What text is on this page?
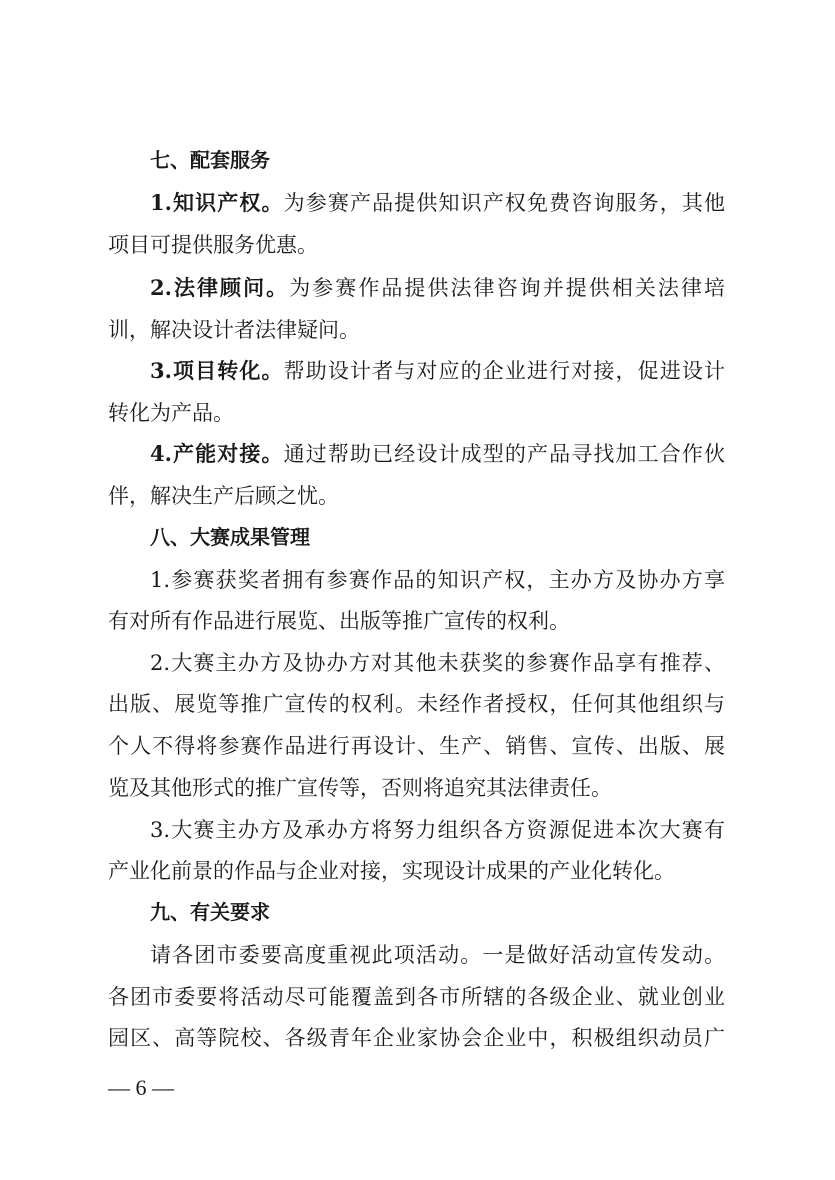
七、配套服务
1.知识产权。为参赛产品提供知识产权免费咨询服务，其他
项目可提供服务优惠。
2.法律顾问。为参赛作品提供法律咨询并提供相关法律培
训，解决设计者法律疑问。
3.项目转化。帮助设计者与对应的企业进行对接，促进设计
转化为产品。
4.产能对接。通过帮助已经设计成型的产品寻找加工合作伙
伴，解决生产后顾之忧。
八、大赛成果管理
1.参赛获奖者拥有参赛作品的知识产权，主办方及协办方享
有对所有作品进行展览、出版等推广宣传的权利。
2.大赛主办方及协办方对其他未获奖的参赛作品享有推荐、
出版、展览等推广宣传的权利。未经作者授权，任何其他组织与
个人不得将参赛作品进行再设计、生产、销售、宣传、出版、展
览及其他形式的推广宣传等，否则将追究其法律责任。
3.大赛主办方及承办方将努力组织各方资源促进本次大赛有
产业化前景的作品与企业对接，实现设计成果的产业化转化。
九、有关要求
请各团市委要高度重视此项活动。一是做好活动宣传发动。
各团市委要将活动尽可能覆盖到各市所辖的各级企业、就业创业
园区、高等院校、各级青年企业家协会企业中，积极组织动员广
— 6 —
